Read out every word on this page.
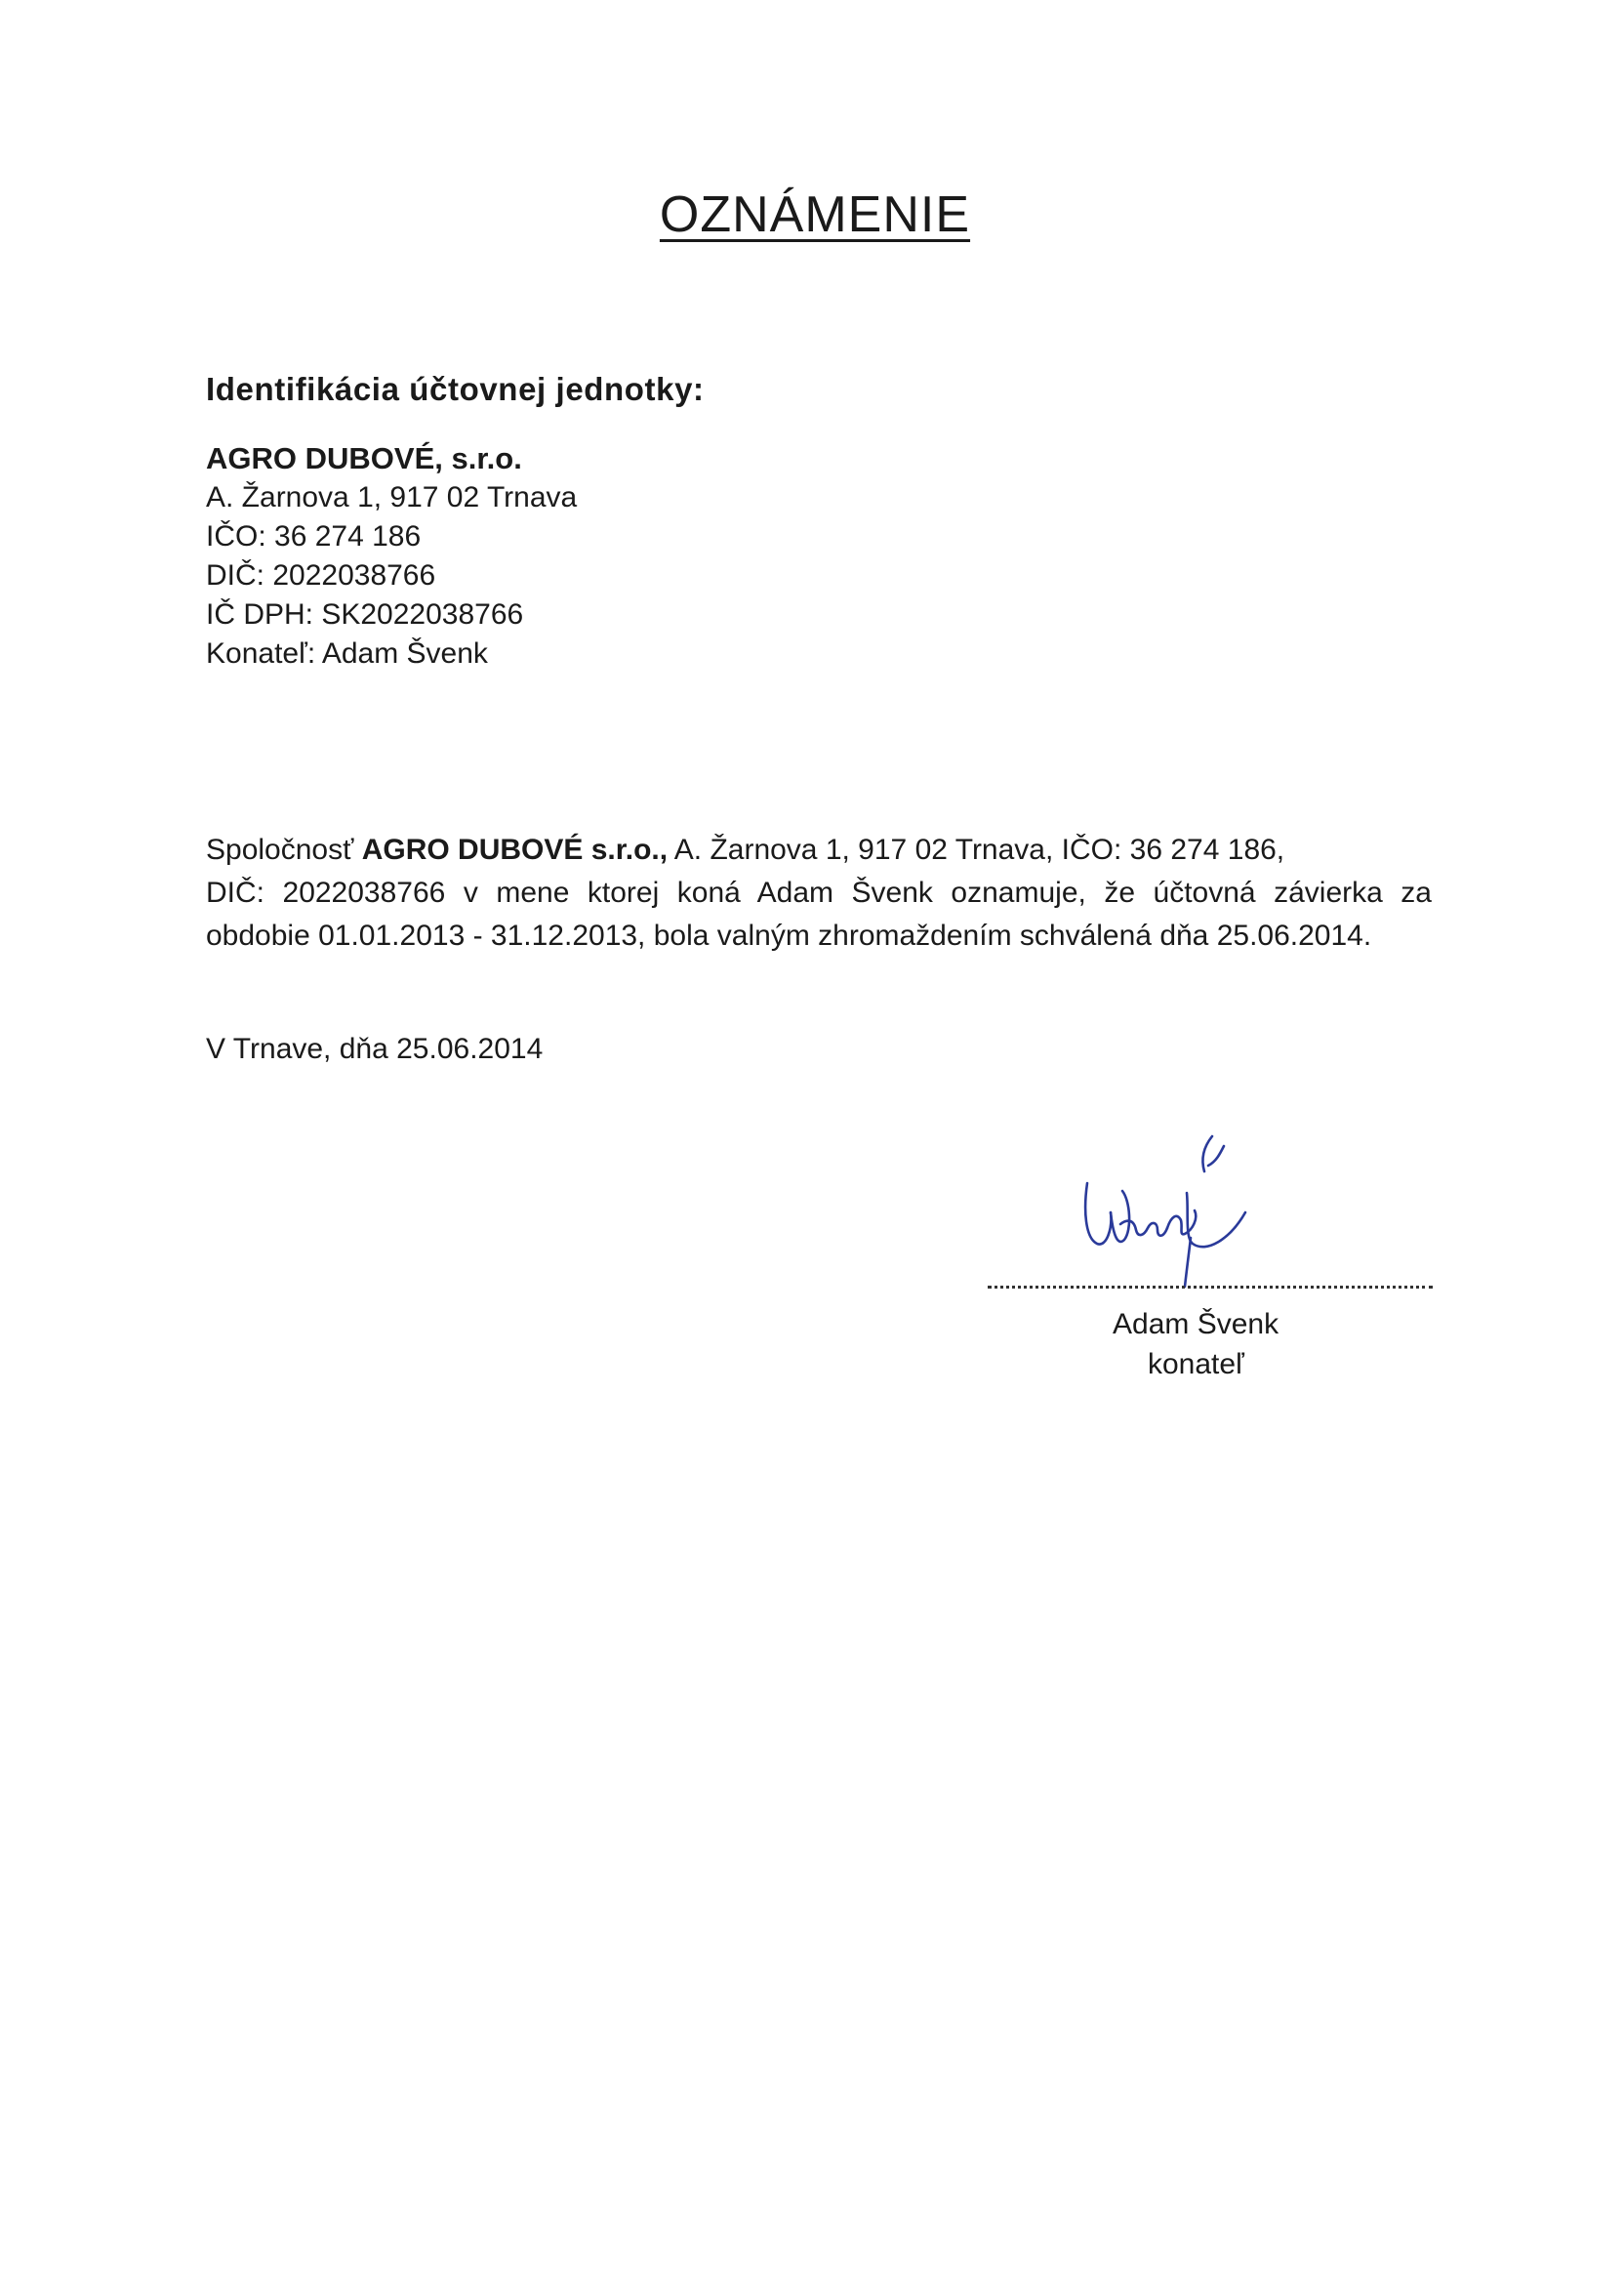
OZNÁMENIE
Identifikácia účtovnej jednotky:
AGRO DUBOVÉ, s.r.o.
A. Žarnova 1, 917 02 Trnava
IČO: 36 274 186
DIČ: 2022038766
IČ DPH: SK2022038766
Konateľ: Adam Švenk
Spoločnosť AGRO DUBOVÉ s.r.o., A. Žarnova 1, 917 02 Trnava, IČO: 36 274 186,
DIČ: 2022038766 v mene ktorej koná Adam Švenk oznamuje, že účtovná závierka za
obdobie 01.01.2013 - 31.12.2013, bola valným zhromaždením schválená dňa 25.06.2014.
V Trnave, dňa 25.06.2014
Adam Švenk
konateľ
